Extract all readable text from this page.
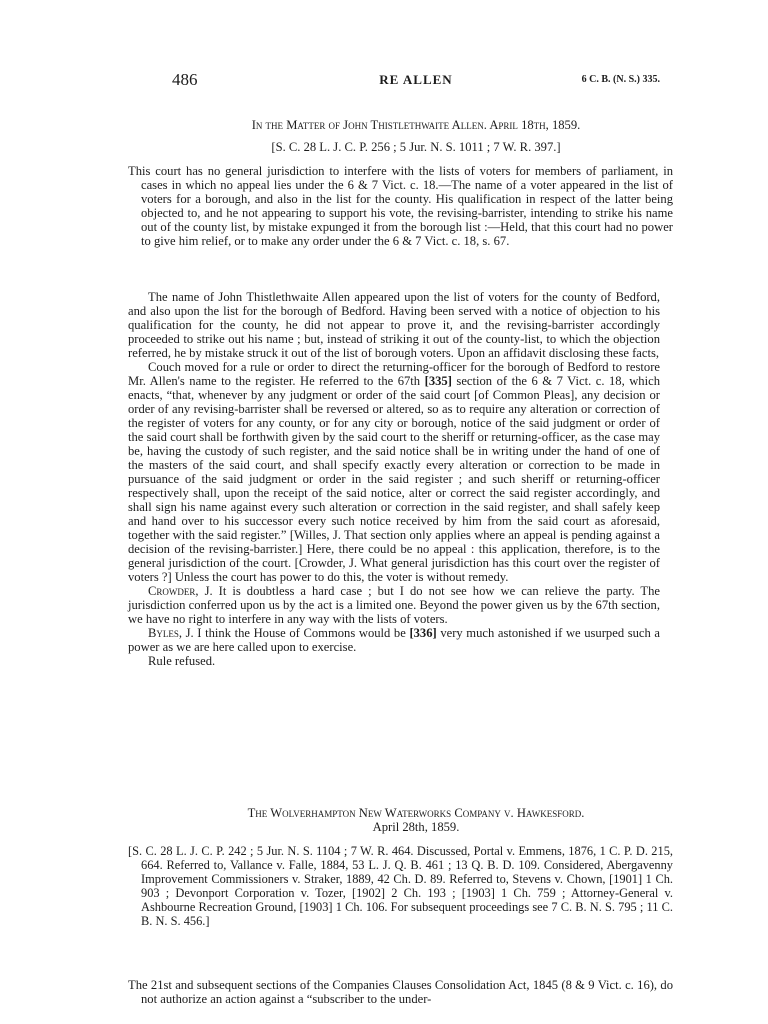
486	RE ALLEN	6 C. B. (N. S.) 335.
In the Matter of John Thistlethwaite Allen. April 18th, 1859.
[S. C. 28 L. J. C. P. 256 ; 5 Jur. N. S. 1011 ; 7 W. R. 397.]
This court has no general jurisdiction to interfere with the lists of voters for members of parliament, in cases in which no appeal lies under the 6 & 7 Vict. c. 18.—The name of a voter appeared in the list of voters for a borough, and also in the list for the county. His qualification in respect of the latter being objected to, and he not appearing to support his vote, the revising-barrister, intending to strike his name out of the county list, by mistake expunged it from the borough list :—Held, that this court had no power to give him relief, or to make any order under the 6 & 7 Vict. c. 18, s. 67.

The name of John Thistlethwaite Allen appeared upon the list of voters for the county of Bedford, and also upon the list for the borough of Bedford. Having been served with a notice of objection to his qualification for the county, he did not appear to prove it, and the revising-barrister accordingly proceeded to strike out his name ; but, instead of striking it out of the county-list, to which the objection referred, he by mistake struck it out of the list of borough voters. Upon an affidavit disclosing these facts,

Couch moved for a rule or order to direct the returning-officer for the borough of Bedford to restore Mr. Allen's name to the register. He referred to the 67th [335] section of the 6 & 7 Vict. c. 18, which enacts, “that, whenever by any judgment or order of the said court [of Common Pleas], any decision or order of any revising-barrister shall be reversed or altered, so as to require any alteration or correction of the register of voters for any county, or for any city or borough, notice of the said judgment or order of the said court shall be forthwith given by the said court to the sheriff or returning-officer, as the case may be, having the custody of such register, and the said notice shall be in writing under the hand of one of the masters of the said court, and shall specify exactly every alteration or correction to be made in pursuance of the said judgment or order in the said register ; and such sheriff or returning-officer respectively shall, upon the receipt of the said notice, alter or correct the said register accordingly, and shall sign his name against every such alteration or correction in the said register, and shall safely keep and hand over to his successor every such notice received by him from the said court as aforesaid, together with the said register.” [Willes, J. That section only applies where an appeal is pending against a decision of the revising-barrister.] Here, there could be no appeal : this application, therefore, is to the general jurisdiction of the court. [Crowder, J. What general jurisdiction has this court over the register of voters ?] Unless the court has power to do this, the voter is without remedy.

Crowder, J. It is doubtless a hard case ; but I do not see how we can relieve the party. The jurisdiction conferred upon us by the act is a limited one. Beyond the power given us by the 67th section, we have no right to interfere in any way with the lists of voters.

Byles, J. I think the House of Commons would be [336] very much astonished if we usurped such a power as we are here called upon to exercise.

Rule refused.

The Wolverhampton New Waterworks Company v. Hawkesford.
April 28th, 1859.
[S. C. 28 L. J. C. P. 242 ; 5 Jur. N. S. 1104 ; 7 W. R. 464. Discussed, Portal v. Emmens, 1876, 1 C. P. D. 215, 664. Referred to, Vallance v. Falle, 1884, 53 L. J. Q. B. 461 ; 13 Q. B. D. 109. Considered, Abergavenny Improvement Commissioners v. Straker, 1889, 42 Ch. D. 89. Referred to, Stevens v. Chown, [1901] 1 Ch. 903 ; Devonport Corporation v. Tozer, [1902] 2 Ch. 193 ; [1903] 1 Ch. 759 ; Attorney-General v. Ashbourne Recreation Ground, [1903] 1 Ch. 106. For subsequent proceedings see 7 C. B. N. S. 795 ; 11 C. B. N. S. 456.]
The 21st and subsequent sections of the Companies Clauses Consolidation Act, 1845 (8 & 9 Vict. c. 16), do not authorize an action against a “subscriber to the under-
